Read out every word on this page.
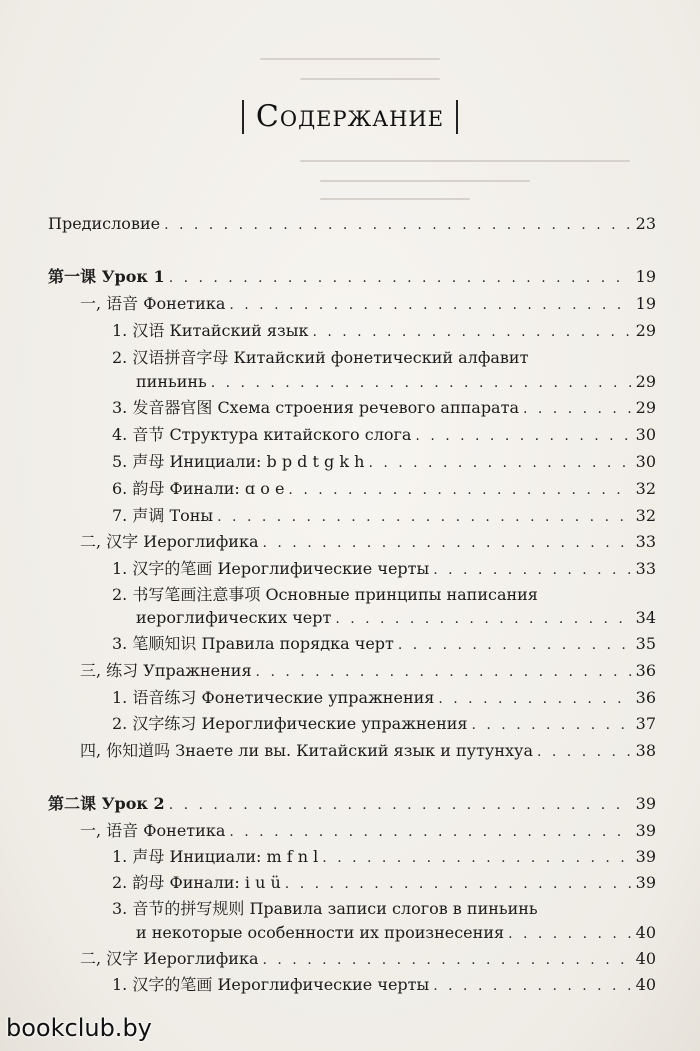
Содержание
Предисловие . . .	23
第一课 Урок 1 . . .	19
一, 语音 Фонетика . . .	19
1. 汉语 Китайский язык . . .	29
2. 汉语拼音字母 Китайский фонетический алфавит
пиньинь . . .	29
3. 发音器官图 Схема строения речевого аппарата . . .	29
4. 音节 Структура китайского слога . . .	30
5. 声母 Инициали: b p d t g k h . . .	30
6. 韵母 Финали: ɑ o e . . .	32
7. 声调 Тоны . . .	32
二, 汉字 Иероглифика . . .	33
1. 汉字的笔画 Иероглифические черты . . .	33
2. 书写笔画注意事项 Основные принципы написания
иероглифических черт . . .	34
3. 笔顺知识 Правила порядка черт . . .	35
三, 练习 Упражнения . . .	36
1. 语音练习 Фонетические упражнения . . .	36
2. 汉字练习 Иероглифические упражнения . . .	37
四, 你知道吗 Знаете ли вы. Китайский язык и путунхуа . . .	38
第二课 Урок 2 . . .	39
一, 语音 Фонетика . . .	39
1. 声母 Инициали: m f n l . . .	39
2. 韵母 Финали: i u ü . . .	39
3. 音节的拼写规则 Правила записи слогов в пиньинь
и некоторые особенности их произнесения . . .	40
二, 汉字 Иероглифика . . .	40
1. 汉字的笔画 Иероглифические черты . . .	40
bookclub.by
